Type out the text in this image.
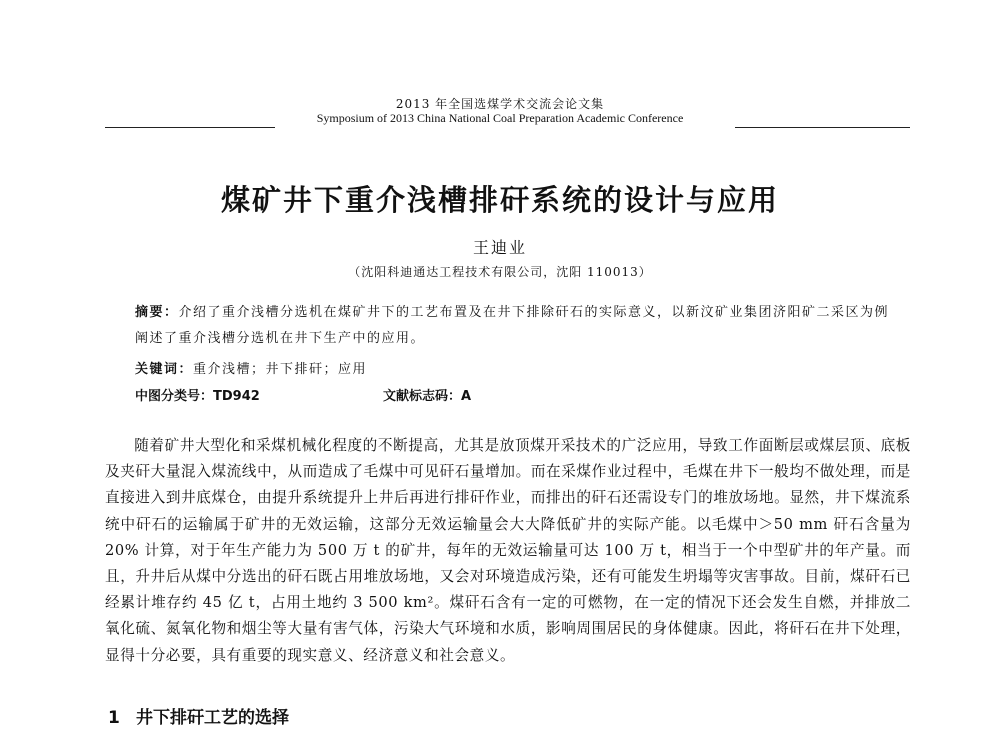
2013 年全国选煤学术交流会论文集
Symposium of 2013 China National Coal Preparation Academic Conference
煤矿井下重介浅槽排矸系统的设计与应用
王迪业
（沈阳科迪通达工程技术有限公司，沈阳 110013）
摘要：介绍了重介浅槽分选机在煤矿井下的工艺布置及在井下排除矸石的实际意义，以新汶矿业集团济阳矿二采区为例阐述了重介浅槽分选机在井下生产中的应用。
关键词：重介浅槽；井下排矸；应用
中图分类号：TD942	文献标志码：A

随着矿井大型化和采煤机械化程度的不断提高，尤其是放顶煤开采技术的广泛应用，导致工作面断层或煤层顶、底板及夹矸大量混入煤流线中，从而造成了毛煤中可见矸石量增加。而在采煤作业过程中，毛煤在井下一般均不做处理，而是直接进入到井底煤仓，由提升系统提升上井后再进行排矸作业，而排出的矸石还需设专门的堆放场地。显然，井下煤流系统中矸石的运输属于矿井的无效运输，这部分无效运输量会大大降低矿井的实际产能。以毛煤中＞50 mm 矸石含量为 20% 计算，对于年生产能力为 500 万 t 的矿井，每年的无效运输量可达 100 万 t，相当于一个中型矿井的年产量。而且，升井后从煤中分选出的矸石既占用堆放场地，又会对环境造成污染，还有可能发生坍塌等灾害事故。目前，煤矸石已经累计堆存约 45 亿 t，占用土地约 3 500 km²。煤矸石含有一定的可燃物，在一定的情况下还会发生自燃，并排放二氧化硫、氮氧化物和烟尘等大量有害气体，污染大气环境和水质，影响周围居民的身体健康。因此，将矸石在井下处理，显得十分必要，具有重要的现实意义、经济意义和社会意义。

1 井下排矸工艺的选择
